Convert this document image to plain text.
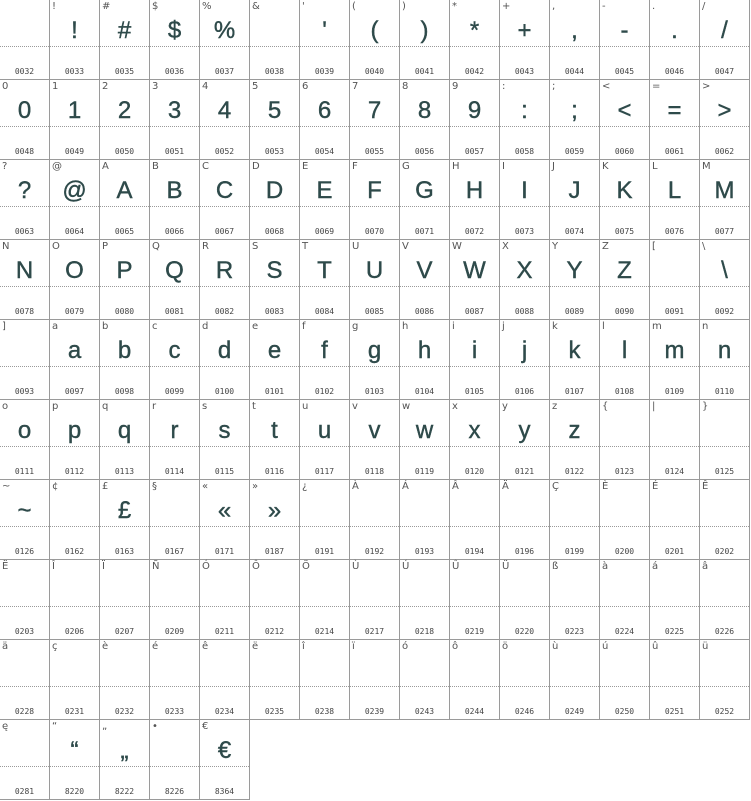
0032
!
!
0033
#
#
0035
$
$
0036
%
%
0037
&
0038
'
'
0039
(
(
0040
)
)
0041
*
*
0042
+
+
0043
,
,
0044
-
-
0045
.
.
0046
/
/
0047
0
0
0048
1
1
0049
2
2
0050
3
3
0051
4
4
0052
5
5
0053
6
6
0054
7
7
0055
8
8
0056
9
9
0057
:
:
0058
;
;
0059
<
<
0060
=
=
0061
>
>
0062
?
?
0063
@
@
0064
A
A
0065
B
B
0066
C
C
0067
D
D
0068
E
E
0069
F
F
0070
G
G
0071
H
H
0072
I
I
0073
J
J
0074
K
K
0075
L
L
0076
M
M
0077
N
N
0078
O
O
0079
P
P
0080
Q
Q
0081
R
R
0082
S
S
0083
T
T
0084
U
U
0085
V
V
0086
W
W
0087
X
X
0088
Y
Y
0089
Z
Z
0090
[
0091
\
\
0092
]
0093
a
a
0097
b
b
0098
c
c
0099
d
d
0100
e
e
0101
f
f
0102
g
g
0103
h
h
0104
i
i
0105
j
j
0106
k
k
0107
l
l
0108
m
m
0109
n
n
0110
o
o
0111
p
p
0112
q
q
0113
r
r
0114
s
s
0115
t
t
0116
u
u
0117
v
v
0118
w
w
0119
x
x
0120
y
y
0121
z
z
0122
{
0123
|
0124
}
0125
~
~
0126
¢
0162
£
£
0163
§
0167
«
«
0171
»
»
0187
¿
0191
À
0192
Á
0193
Â
0194
Ä
0196
Ç
0199
È
0200
É
0201
Ê
0202
Ë
0203
Î
0206
Ï
0207
Ñ
0209
Ó
0211
Ô
0212
Ö
0214
Ù
0217
Ú
0218
Û
0219
Ü
0220
ß
0223
à
0224
á
0225
â
0226
ä
0228
ç
0231
è
0232
é
0233
ê
0234
ë
0235
î
0238
ï
0239
ó
0243
ô
0244
ö
0246
ù
0249
ú
0250
û
0251
ü
0252
ę
0281
“
“
8220
„
„
8222
•
8226
€
€
8364
